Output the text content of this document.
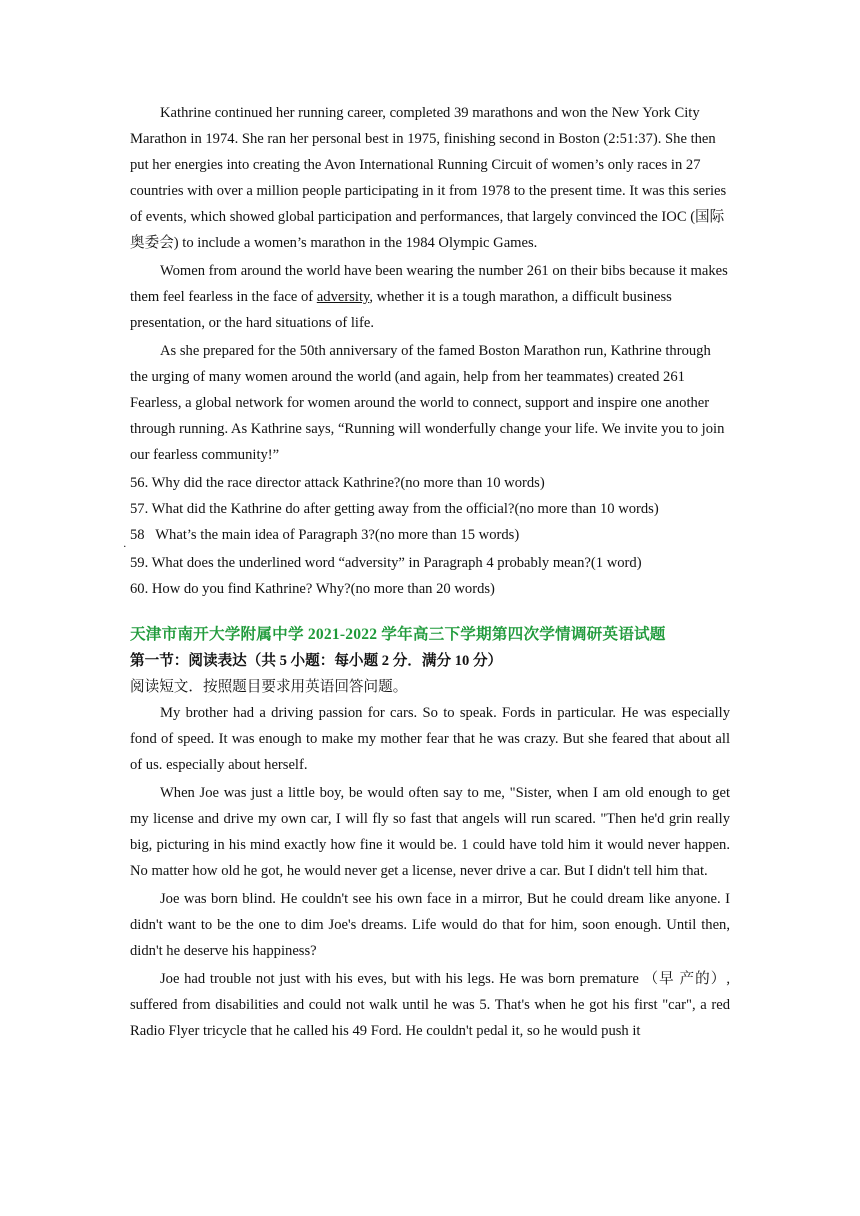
Kathrine continued her running career, completed 39 marathons and won the New York City Marathon in 1974. She ran her personal best in 1975, finishing second in Boston (2:51:37). She then put her energies into creating the Avon International Running Circuit of women’s only races in 27 countries with over a million people participating in it from 1978 to the present time. It was this series of events, which showed global participation and performances, that largely convinced the IOC (国际奥委会) to include a women’s marathon in the 1984 Olympic Games.

Women from around the world have been wearing the number 261 on their bibs because it makes them feel fearless in the face of adversity, whether it is a tough marathon, a difficult business presentation, or the hard situations of life.

As she prepared for the 50th anniversary of the famed Boston Marathon run, Kathrine through the urging of many women around the world (and again, help from her teammates) created 261 Fearless, a global network for women around the world to connect, support and inspire one another through running. As Kathrine says, “Running will wonderfully change your life. We invite you to join our fearless community!”

56. Why did the race director attack Kathrine?(no more than 10 words)

57. What did the Kathrine do after getting away from the official?(no more than 10 words)

58   What’s the main idea of Paragraph 3?(no more than 15 $words)_.$

59. What does the underlined word “adversity” in Paragraph 4 probably mean?(1 word)

60. How do you find Kathrine? Why?(no more than 20 words)

天津市南开大学附属中学 2021-2022 学年高三下学期第四次学情调研英语试题

第一节：阅读表达（共 5 小题：每小题 2 分．满分 10 分）

阅读短文．按照题目要求用英语回答问题。

My brother had a driving passion for cars. So to speak. Fords in particular. He was especially fond of speed. It was enough to make my mother fear that he was crazy. But she feared that about all of us. especially about herself.

When Joe was just a little boy, be would often say to me, "Sister, when I am old enough to get my license and drive my own car, I will fly so fast that angels will run scared. "Then he'd grin really big, picturing in his mind exactly how fine it would be. 1 could have told him it would never happen. No matter how old he got, he would never get a license, never drive a car. But I didn't tell him that.

Joe was born blind. He couldn't see his own face in a mirror, But he could dream like anyone. I didn't want to be the one to dim Joe's dreams. Life would do that for him, soon enough. Until then, didn't he deserve his happiness?

Joe had trouble not just with his eves, but with his legs. He was born premature （早 产的）, suffered from disabilities and could not walk until he was 5. That's when he got his first "car", a red Radio Flyer tricycle that he called his 49 Ford. He couldn't pedal it, so he would push it
